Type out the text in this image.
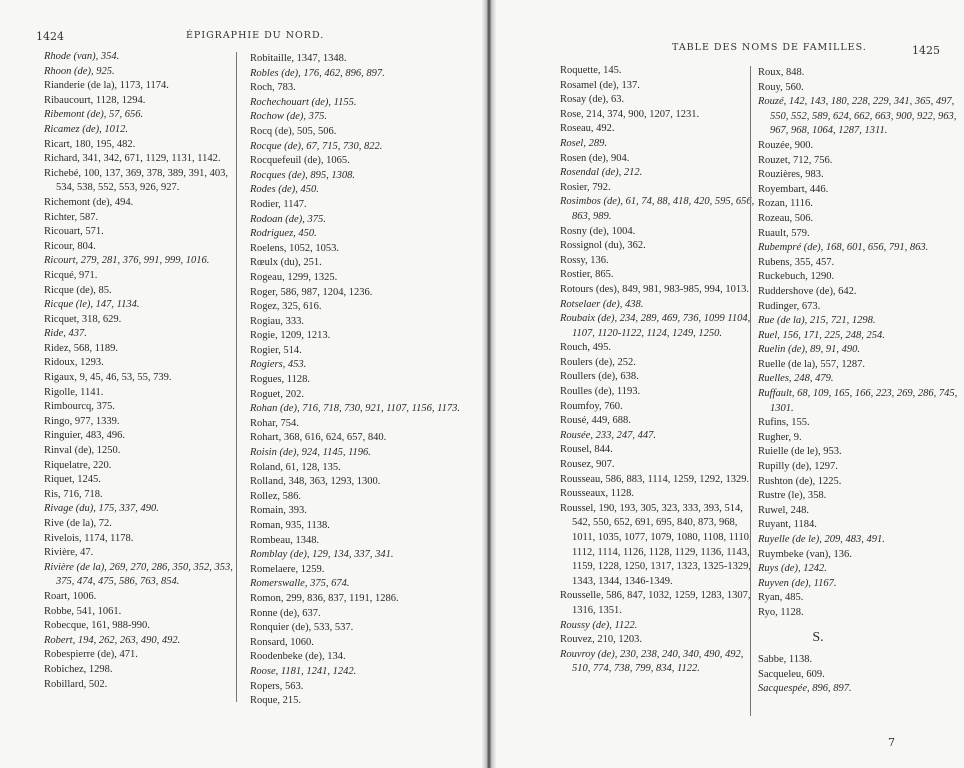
1424	ÉPIGRAPHIE DU NORD.
Rhode (van), 354.
Rhoon (de), 925.
Rianderie (de la), 1173, 1174.
Ribaucourt, 1128, 1294.
Ribemont (de), 57, 656.
Ricamez (de), 1012.
Ricart, 180, 195, 482.
Richard, 341, 342, 671, 1129, 1131, 1142.
Richebé, 100, 137, 369, 378, 389, 391, 403, 534, 538, 552, 553, 926, 927.
Richemont (de), 494.
Richter, 587.
Ricouart, 571.
Ricour, 804.
Ricourt, 279, 281, 376, 991, 999, 1016.
Ricqué, 971.
Ricque (de), 85.
Ricque (le), 147, 1134.
Ricquet, 318, 629.
Ride, 437.
Ridez, 568, 1189.
Ridoux, 1293.
Rigaux, 9, 45, 46, 53, 55, 739.
Rigolle, 1141.
Rimbourcq, 375.
Ringo, 977, 1339.
Ringuier, 483, 496.
Rinval (de), 1250.
Riquelatre, 220.
Riquet, 1245.
Ris, 716, 718.
Rivage (du), 175, 337, 490.
Rive (de la), 72.
Rivelois, 1174, 1178.
Rivière, 47.
Rivière (de la), 269, 270, 286, 350, 352, 353, 375, 474, 475, 586, 763, 854.
Roart, 1006.
Robbe, 541, 1061.
Robecque, 161, 988-990.
Robert, 194, 262, 263, 490, 492.
Robespierre (de), 471.
Robichez, 1298.
Robillard, 502.
Robitaille, 1347, 1348.
Robles (de), 176, 462, 896, 897.
Roch, 783.
Rochechouart (de), 1155.
Rochow (de), 375.
Rocq (de), 505, 506.
Rocque (de), 67, 715, 730, 822.
Rocquefeuil (de), 1065.
Rocques (de), 895, 1308.
Rodes (de), 450.
Rodier, 1147.
Rodoan (de), 375.
Rodriguez, 450.
Roelens, 1052, 1053.
Rœulx (du), 251.
Rogeau, 1299, 1325.
Roger, 586, 987, 1204, 1236.
Rogez, 325, 616.
Rogiau, 333.
Rogie, 1209, 1213.
Rogier, 514.
Rogiers, 453.
Rogues, 1128.
Roguet, 202.
Rohan (de), 716, 718, 730, 921, 1107, 1156, 1173.
Rohar, 754.
Rohart, 368, 616, 624, 657, 840.
Roisin (de), 924, 1145, 1196.
Roland, 61, 128, 135.
Rolland, 348, 363, 1293, 1300.
Rollez, 586.
Romain, 393.
Roman, 935, 1138.
Rombeau, 1348.
Romblay (de), 129, 134, 337, 341.
Romelaere, 1259.
Romerswalle, 375, 674.
Romon, 299, 836, 837, 1191, 1286.
Ronne (de), 637.
Ronquier (de), 533, 537.
Ronsard, 1060.
Roodenbeke (de), 134.
Roose, 1181, 1241, 1242.
Ropers, 563.
Roque, 215.
TABLE DES NOMS DE FAMILLES.	1425
Roquette, 145.
Rosamel (de), 137.
Rosay (de), 63.
Rose, 214, 374, 900, 1207, 1231.
Roseau, 492.
Rosel, 289.
Rosen (de), 904.
Rosendal (de), 212.
Rosier, 792.
Rosimbos (de), 61, 74, 88, 418, 420, 595, 656, 863, 989.
Rosny (de), 1004.
Rossignol (du), 362.
Rossy, 136.
Rostier, 865.
Rotours (des), 849, 981, 983-985, 994, 1013.
Rotselaer (de), 438.
Roubaix (de), 234, 289, 469, 736, 1099 1104, 1107, 1120-1122, 1124, 1249, 1250.
Rouch, 495.
Roulers (de), 252.
Roullers (de), 638.
Roulles (de), 1193.
Roumfoy, 760.
Rousé, 449, 688.
Rousée, 233, 247, 447.
Rousel, 844.
Rousez, 907.
Rousseau, 586, 883, 1114, 1259, 1292, 1329.
Rousseaux, 1128.
Roussel, 190, 193, 305, 323, 333, 393, 514, 542, 550, 652, 691, 695, 840, 873, 968, 1011, 1035, 1077, 1079, 1080, 1108, 1110, 1112, 1114, 1126, 1128, 1129, 1136, 1143, 1159, 1228, 1250, 1317, 1323, 1325-1329, 1343, 1344, 1346-1349.
Rousselle, 586, 847, 1032, 1259, 1283, 1307, 1316, 1351.
Roussy (de), 1122.
Rouvez, 210, 1203.
Rouvroy (de), 230, 238, 240, 340, 490, 492, 510, 774, 738, 799, 834, 1122.
Roux, 848.
Rouy, 560.
Rouzé, 142, 143, 180, 228, 229, 341, 365, 497, 550, 552, 589, 624, 662, 663, 900, 922, 963, 967, 968, 1064, 1287, 1311.
Rouzée, 900.
Rouzet, 712, 756.
Rouzières, 983.
Royembart, 446.
Rozan, 1116.
Rozeau, 506.
Ruault, 579.
Rubempré (de), 168, 601, 656, 791, 863.
Rubens, 355, 457.
Ruckebuch, 1290.
Ruddershove (de), 642.
Rudinger, 673.
Rue (de la), 215, 721, 1298.
Ruel, 156, 171, 225, 248, 254.
Ruelin (de), 89, 91, 490.
Ruelle (de la), 557, 1287.
Ruelles, 248, 479.
Ruffault, 68, 109, 165, 166, 223, 269, 286, 745, 1301.
Rufins, 155.
Rugher, 9.
Ruielle (de le), 953.
Rupilly (de), 1297.
Rushton (de), 1225.
Rustre (le), 358.
Ruwel, 248.
Ruyant, 1184.
Ruyelle (de le), 209, 483, 491.
Ruymbeke (van), 136.
Ruys (de), 1242.
Ruyven (de), 1167.
Ryan, 485.
Ryo, 1128.
S.
Sabbe, 1138.
Sacqueleu, 609.
Sacquespée, 896, 897.
7
